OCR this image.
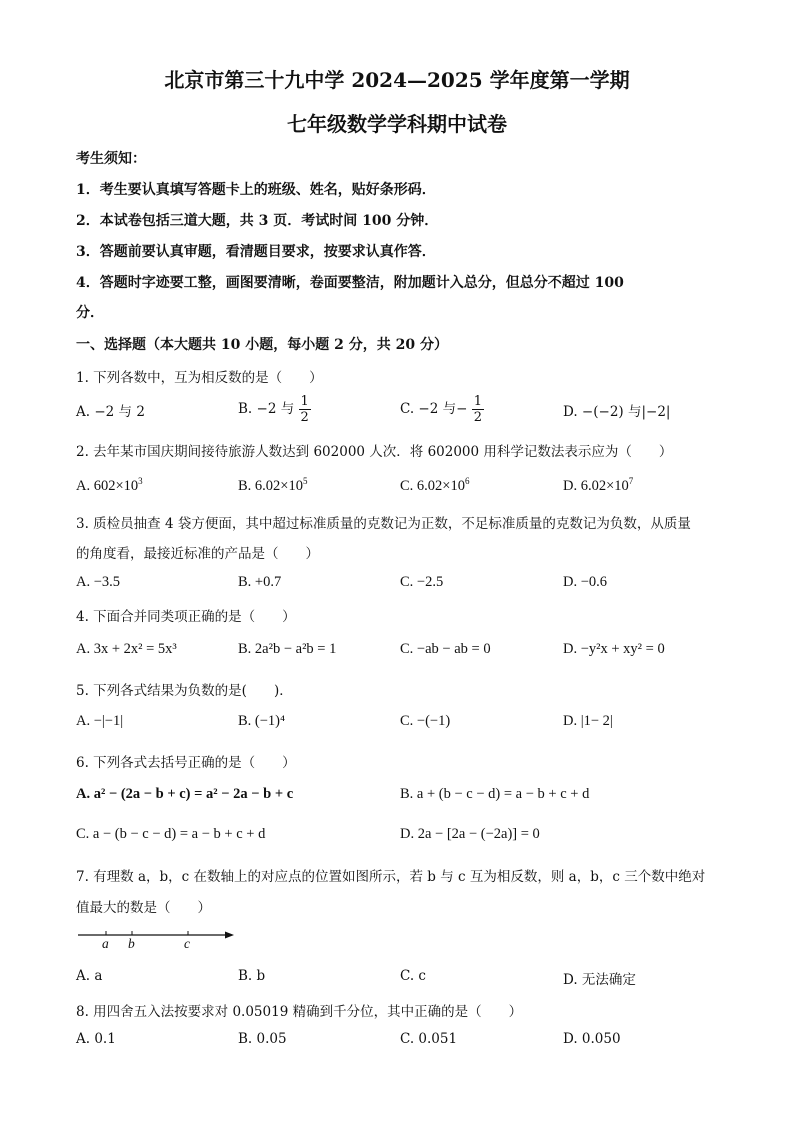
北京市第三十九中学 2024—2025 学年度第一学期
七年级数学学科期中试卷
考生须知：
1．考生要认真填写答题卡上的班级、姓名，贴好条形码．
2．本试卷包括三道大题，共 3 页．考试时间 100 分钟．
3．答题前要认真审题，看清题目要求，按要求认真作答．
4．答题时字迹要工整，画图要清晰，卷面要整洁，附加题计入总分，但总分不超过 100
分．
一、选择题（本大题共 10 小题，每小题 2 分，共 20 分）
1. 下列各数中，互为相反数的是（　　）
A. −2 与 2	B. −2 与 $\frac{1}{2}$	C. −2 与− $\frac{1}{2}$	D. −(−2) 与|−2|
2. 去年某市国庆期间接待旅游人数达到 602000 人次．将 602000 用科学记数法表示应为（　　）
A. $602\times 10^3$	B. $6.02\times 10^5$	C. $6.02\times 10^6$	D. $6.02\times 10^7$
3. 质检员抽查 4 袋方便面，其中超过标准质量的克数记为正数，不足标准质量的克数记为负数，从质量
的角度看，最接近标准的产品是（　　）
A. −3.5	B. +0.7	C. −2.5	D. −0.6
4. 下面合并同类项正确的是（　　）
A. 3x + 2x² = 5x³	B. 2a²b − a²b = 1	C. −ab − ab = 0	D. −y²x + xy² = 0
5. 下列各式结果为负数的是(　　)．
A. −|−1|	B. (−1)⁴	C. −(−1)	D. |1− 2|
6. 下列各式去括号正确的是（　　）
A. a² − (2a − b + c) = a² − 2a − b + c	B. a + (b − c − d) = a − b + c + d
C. a − (b − c − d) = a − b + c + d	D. 2a − [2a − (−2a)] = 0
7. 有理数 a，b，c 在数轴上的对应点的位置如图所示，若 b 与 c 互为相反数，则 a，b，c 三个数中绝对
值最大的数是（　　）
a b	c
A. a	B. b	C. c	D. 无法确定
8. 用四舍五入法按要求对 0.05019 精确到千分位，其中正确的是（　　）
A. 0.1	B. 0.05	C. 0.051	D. 0.050
